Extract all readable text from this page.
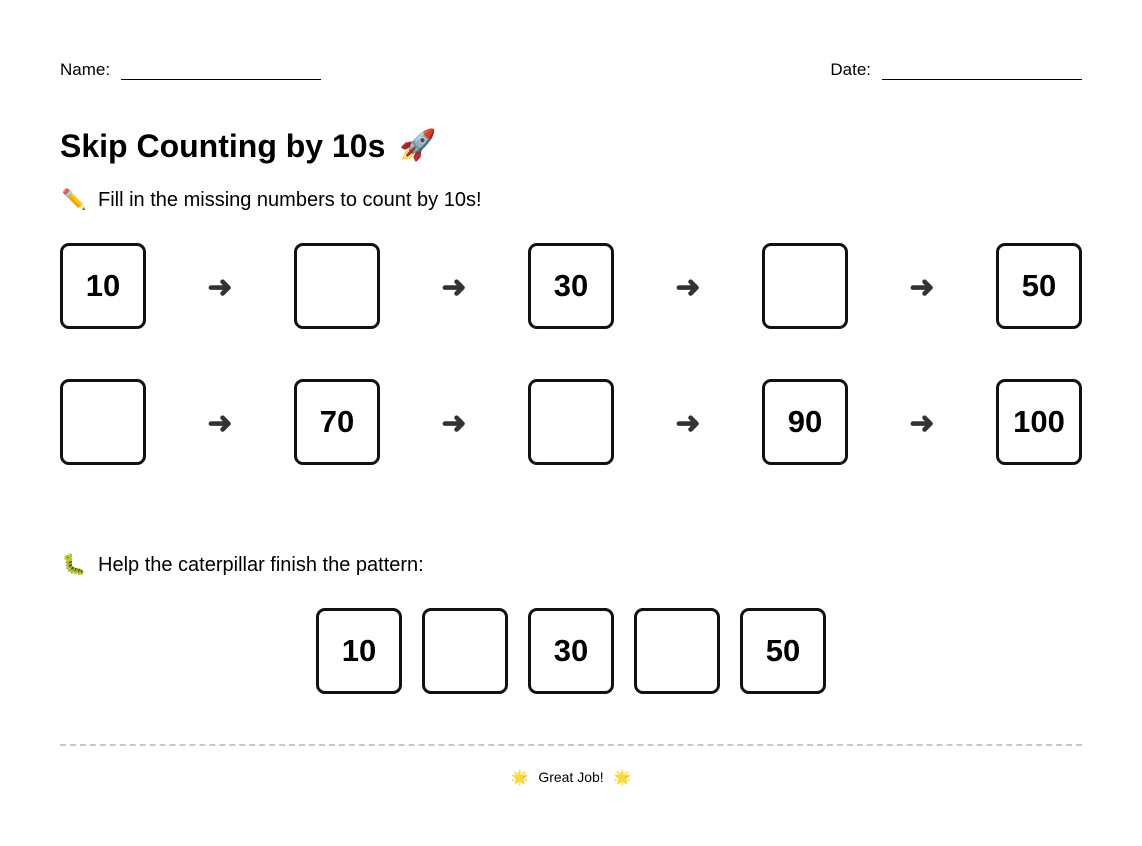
Name:	Date:
Skip Counting by 10s 🚀
✏️ Fill in the missing numbers to count by 10s!
10	➜	➜	30	➜	➜	50
➜	70	➜	➜	90	➜	100
🐛 Help the caterpillar finish the pattern:
10	30	50
🌟 Great Job! 🌟
